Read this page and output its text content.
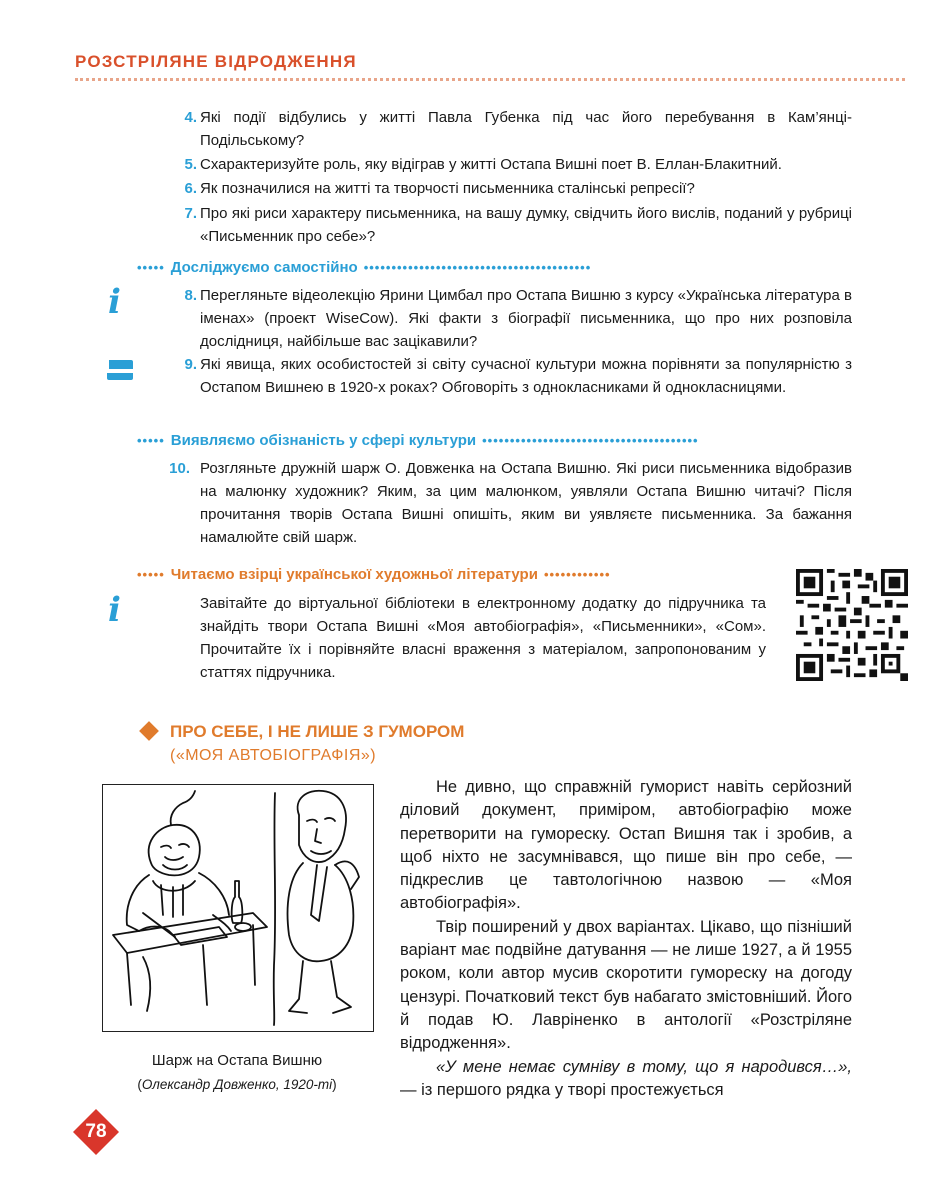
РОЗСТРІЛЯНЕ ВІДРОДЖЕННЯ
4. Які події відбулись у житті Павла Губенка під час його перебування в Кам’янці-Подільському?
5. Схарактеризуйте роль, яку відіграв у житті Остапа Вишні поет В. Еллан-Блакитний.
6. Як позначилися на житті та творчості письменника сталінські репресії?
7. Про які риси характеру письменника, на вашу думку, свідчить його вислів, поданий у рубриці «Письменник про себе»?
••••• Досліджуємо самостійно •••••••••••••••••••••••••••••••••••••••••
i	8. Перегляньте відеолекцію Ярини Цимбал про Остапа Вишню з курсу «Українська література в іменах» (проект WiseCow). Які факти з біографії письменника, що про них розповіла дослідниця, найбільше вас зацікавили?
9. Які явища, яких особистостей зі світу сучасної культури можна порівняти за популярністю з Остапом Вишнею в 1920-х роках? Обговоріть з однокласниками й однокласницями.
••••• Виявляємо обізнаність у сфері культури •••••••••••••••••••••••••••••••••••••••
10. Розгляньте дружній шарж О. Довженка на Остапа Вишню. Які риси письменника відобразив на малюнку художник? Яким, за цим малюнком, уявляли Остапа Вишню читачі? Після прочитання творів Остапа Вишні опишіть, яким ви уявляєте письменника. За бажання намалюйте свій шарж.
••••• Читаємо взірці української художньої літератури ••••••••••••
i	Завітайте до віртуальної бібліотеки в електронному додатку до підручника та знайдіть твори Остапа Вишні «Моя автобіографія», «Письменники», «Сом». Прочитайте їх і порівняйте власні враження з матеріалом, запропонованим у статтях підручника.
ПРО СЕБЕ, І НЕ ЛИШЕ З ГУМОРОМ
(«МОЯ АВТОБІОГРАФІЯ»)
Шарж на Остапа Вишню
(Олександр Довженко, 1920-ті)
Не дивно, що справжній гуморист навіть серйозний діловий документ, приміром, автобіографію може перетворити на гумореску. Остап Вишня так і зробив, а щоб ніхто не засумнівався, що пише він про себе, — підкреслив це тавтологічною назвою — «Моя автобіографія».
Твір поширений у двох варіантах. Цікаво, що пізніший варіант має подвійне датування — не лише 1927, а й 1955 роком, коли автор мусив скоротити гумореску на догоду цензурі. Початковий текст був набагато змістовніший. Його й подав Ю. Лавріненко в антології «Розстріляне відродження».
«У мене немає сумніву в тому, що я народився…», — із першого рядка у творі простежується
78
